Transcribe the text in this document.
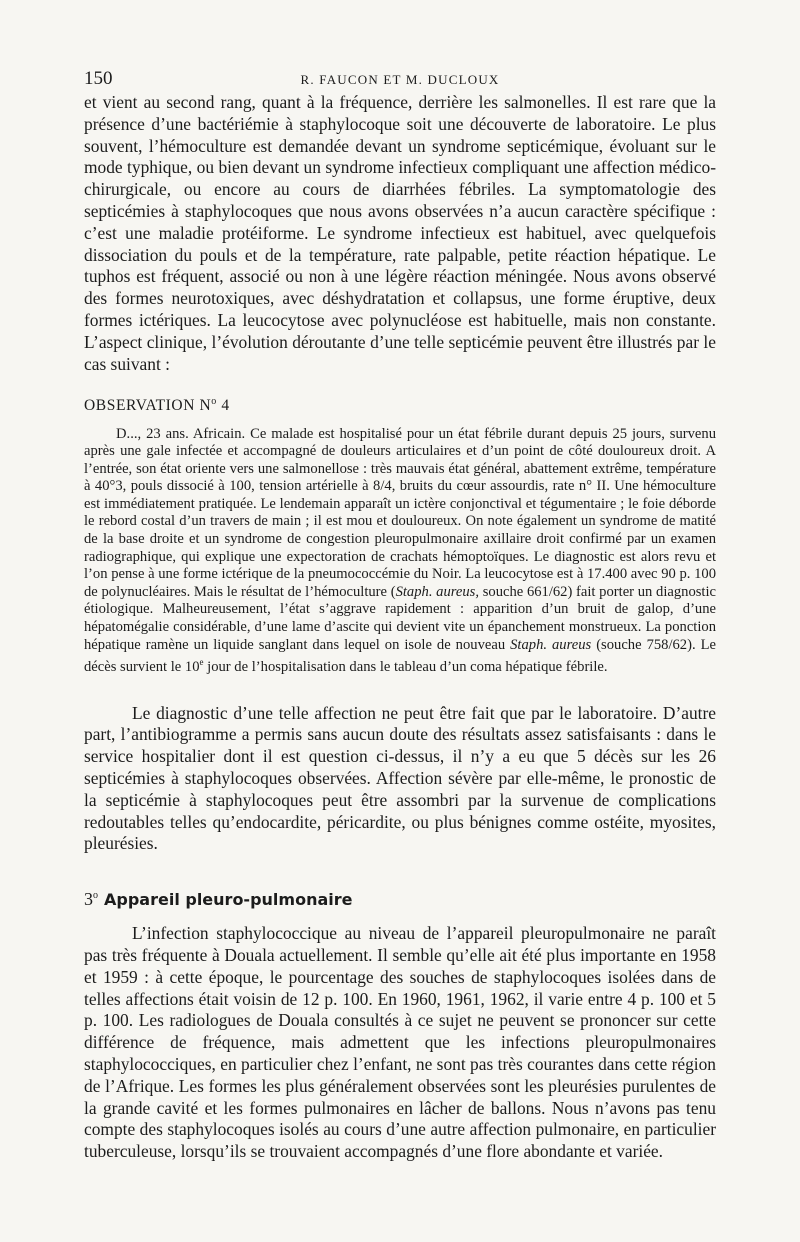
150	R. FAUCON ET M. DUCLOUX

et vient au second rang, quant à la fréquence, derrière les salmonelles. Il est rare que la présence d’une bactériémie à staphylocoque soit une découverte de laboratoire. Le plus souvent, l’hémoculture est demandée devant un syndrome septicémique, évoluant sur le mode typhique, ou bien devant un syndrome infectieux compliquant une affection médico-chirurgicale, ou encore au cours de diarrhées fébriles. La symptomatologie des septicémies à staphylocoques que nous avons observées n’a aucun caractère spécifique : c’est une maladie protéiforme. Le syndrome infectieux est habituel, avec quelquefois dissociation du pouls et de la température, rate palpable, petite réaction hépatique. Le tuphos est fréquent, associé ou non à une légère réaction méningée. Nous avons observé des formes neurotoxiques, avec déshydratation et collapsus, une forme éruptive, deux formes ictériques. La leucocytose avec polynucléose est habituelle, mais non constante. L’aspect clinique, l’évolution déroutante d’une telle septicémie peuvent être illustrés par le cas suivant :

OBSERVATION $N^o$ 4

D..., 23 ans. Africain. Ce malade est hospitalisé pour un état fébrile durant depuis 25 jours, survenu après une gale infectée et accompagné de douleurs articulaires et d’un point de côté douloureux droit. A l’entrée, son état oriente vers une salmonellose : très mauvais état général, abattement extrême, température à 40°3, pouls dissocié à 100, tension artérielle à 8/4, bruits du cœur assourdis, rate n° II. Une hémoculture est immédiatement pratiquée. Le lendemain apparaît un ictère conjonctival et tégumentaire ; le foie déborde le rebord costal d’un travers de main ; il est mou et douloureux. On note également un syndrome de matité de la base droite et un syndrome de congestion pleuropulmonaire axillaire droit confirmé par un examen radiographique, qui explique une expectoration de crachats hémoptoïques. Le diagnostic est alors revu et l’on pense à une forme ictérique de la pneumococcémie du Noir. La leucocytose est à 17.400 avec 90 p. 100 de polynucléaires. Mais le résultat de l’hémoculture (Staph. aureus, souche 661/62) fait porter un diagnostic étiologique. Malheureusement, l’état s’aggrave rapidement : apparition d’un bruit de galop, d’une hépatomégalie considérable, d’une lame d’ascite qui devient vite un épanchement monstrueux. La ponction hépatique ramène un liquide sanglant dans lequel on isole de nouveau Staph. aureus (souche 758/62). Le décès survient le 10e jour de l’hospitalisation dans le tableau d’un coma hépatique fébrile.

Le diagnostic d’une telle affection ne peut être fait que par le laboratoire. D’autre part, l’antibiogramme a permis sans aucun doute des résultats assez satisfaisants : dans le service hospitalier dont il est question ci-dessus, il n’y a eu que 5 décès sur les 26 septicémies à staphylocoques observées. Affection sévère par elle-même, le pronostic de la septicémie à staphylocoques peut être assombri par la survenue de complications redoutables telles qu’endocardite, péricardite, ou plus bénignes comme ostéite, myosites, pleurésies.

3$^o$ Appareil pleuro-pulmonaire

L’infection staphylococcique au niveau de l’appareil pleuropulmonaire ne paraît pas très fréquente à Douala actuellement. Il semble qu’elle ait été plus importante en 1958 et 1959 : à cette époque, le pourcentage des souches de staphylocoques isolées dans de telles affections était voisin de 12 p. 100. En 1960, 1961, 1962, il varie entre 4 p. 100 et 5 p. 100. Les radiologues de Douala consultés à ce sujet ne peuvent se prononcer sur cette différence de fréquence, mais admettent que les infections pleuropulmonaires staphylococciques, en particulier chez l’enfant, ne sont pas très courantes dans cette région de l’Afrique. Les formes les plus généralement observées sont les pleurésies purulentes de la grande cavité et les formes pulmonaires en lâcher de ballons. Nous n’avons pas tenu compte des staphylocoques isolés au cours d’une autre affection pulmonaire, en particulier tuberculeuse, lorsqu’ils se trouvaient accompagnés d’une flore abondante et variée.
